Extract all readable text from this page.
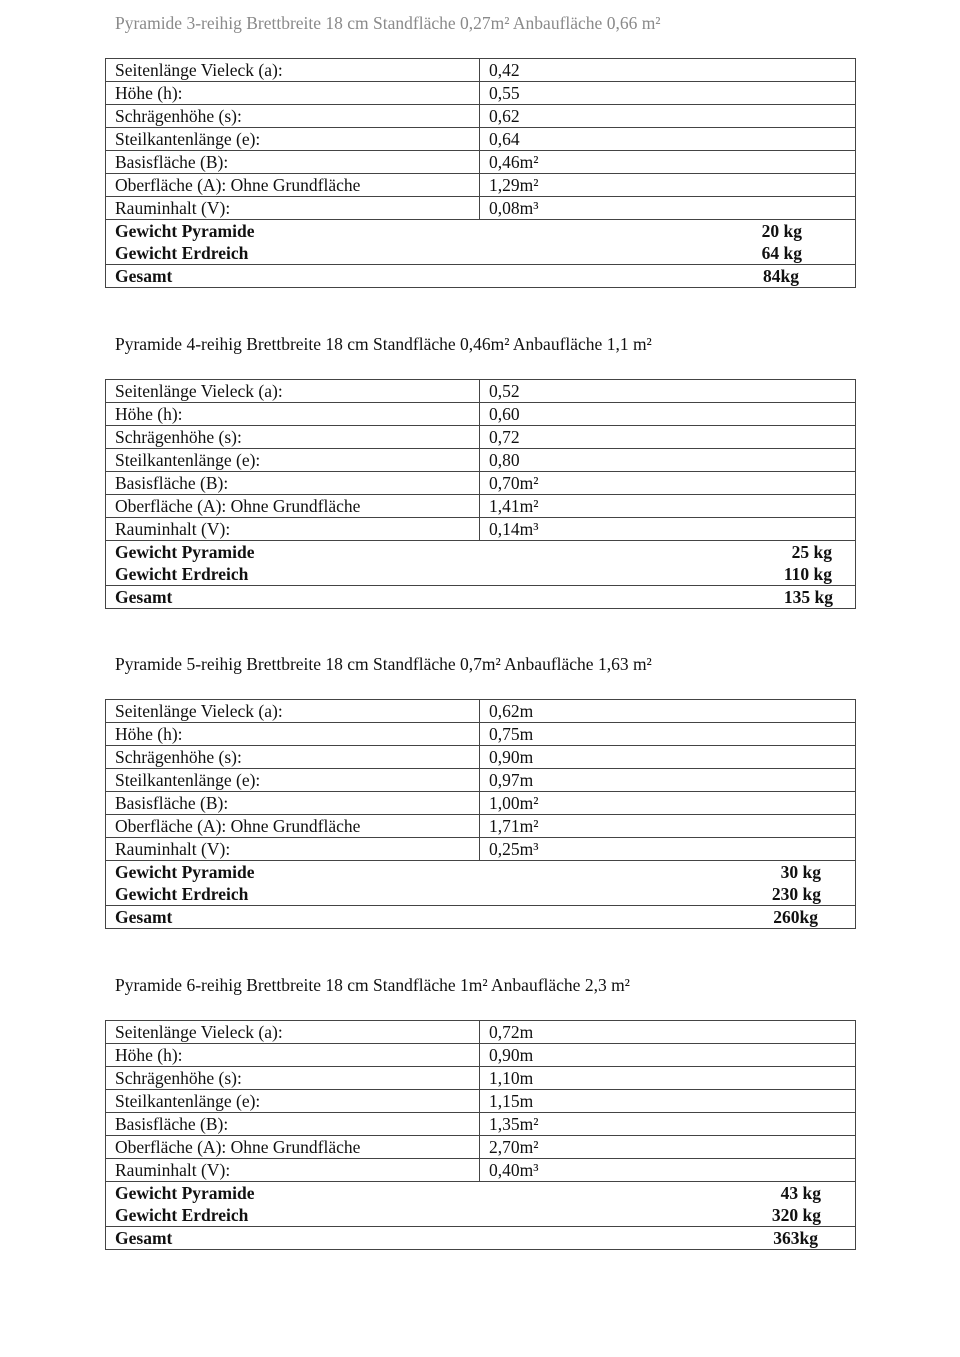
Pyramide 3-reihig Brettbreite 18 cm Standfläche 0,27m² Anbaufläche 0,66 m²
Seitenlänge Vieleck (a):	0,42
Höhe (h):	0,55
Schrägenhöhe (s):	0,62
Steilkantenlänge (e):	0,64
Basisfläche (B):	0,46m²
Oberfläche (A): Ohne Grundfläche	1,29m²
Rauminhalt (V):	0,08m³
Gewicht Pyramide	20 kg
Gewicht Erdreich	64 kg
Gesamt	84kg
Pyramide 4-reihig Brettbreite 18 cm Standfläche 0,46m² Anbaufläche 1,1 m²
Seitenlänge Vieleck (a):	0,52
Höhe (h):	0,60
Schrägenhöhe (s):	0,72
Steilkantenlänge (e):	0,80
Basisfläche (B):	0,70m²
Oberfläche (A): Ohne Grundfläche	1,41m²
Rauminhalt (V):	0,14m³
Gewicht Pyramide	25 kg
Gewicht Erdreich	110 kg
Gesamt	135 kg
Pyramide 5-reihig Brettbreite 18 cm Standfläche 0,7m² Anbaufläche 1,63 m²
Seitenlänge Vieleck (a):	0,62m
Höhe (h):	0,75m
Schrägenhöhe (s):	0,90m
Steilkantenlänge (e):	0,97m
Basisfläche (B):	1,00m²
Oberfläche (A): Ohne Grundfläche	1,71m²
Rauminhalt (V):	0,25m³
Gewicht Pyramide	30 kg
Gewicht Erdreich	230 kg
Gesamt	260kg
Pyramide 6-reihig Brettbreite 18 cm Standfläche 1m² Anbaufläche 2,3 m²
Seitenlänge Vieleck (a):	0,72m
Höhe (h):	0,90m
Schrägenhöhe (s):	1,10m
Steilkantenlänge (e):	1,15m
Basisfläche (B):	1,35m²
Oberfläche (A): Ohne Grundfläche	2,70m²
Rauminhalt (V):	0,40m³
Gewicht Pyramide	43 kg
Gewicht Erdreich	320 kg
Gesamt	363kg
